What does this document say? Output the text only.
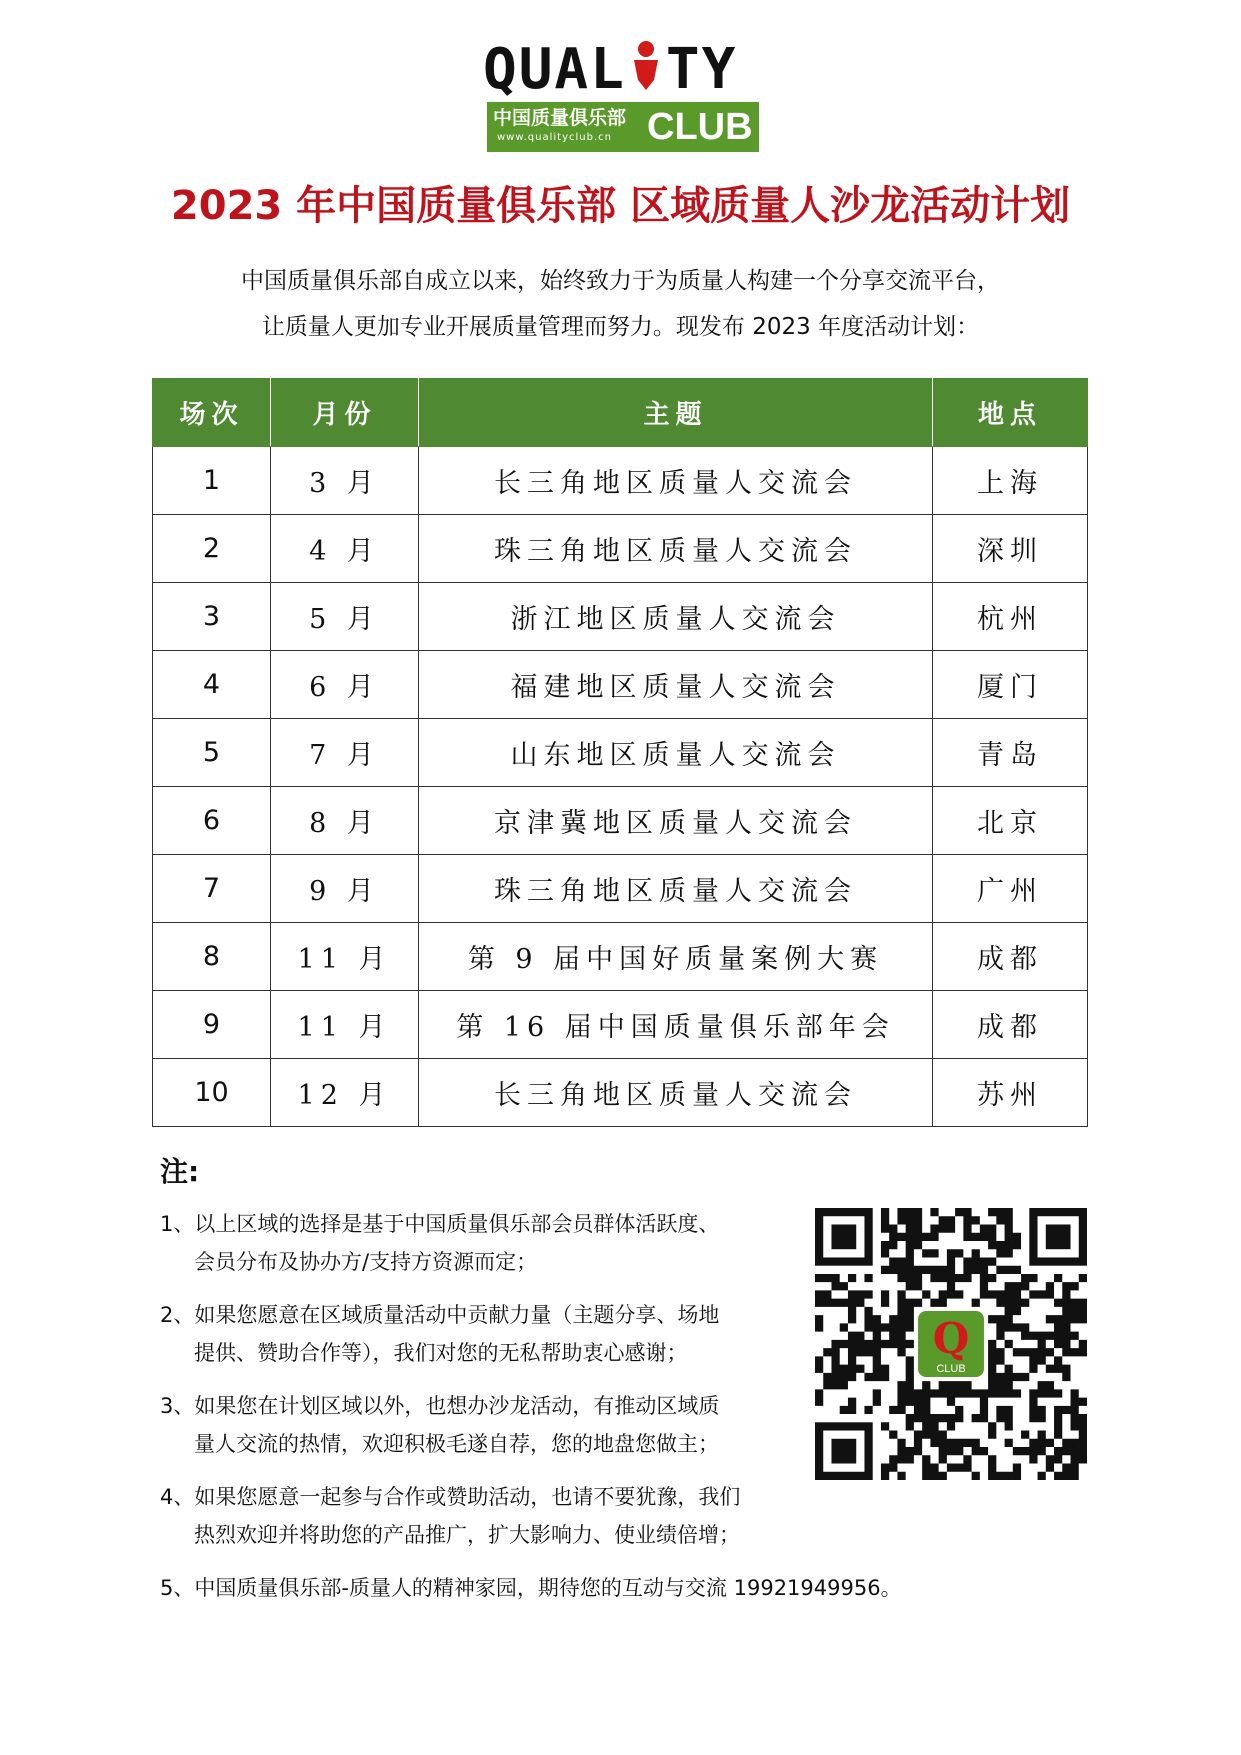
QUAL TY
中国质量俱乐部
www.qualityclub.cn CLUB
2023 年中国质量俱乐部 区域质量人沙龙活动计划
中国质量俱乐部自成立以来，始终致力于为质量人构建一个分享交流平台，
让质量人更加专业开展质量管理而努力。现发布 2023 年度活动计划：
场次	月份	主题	地点
1	3 月	长三角地区质量人交流会	上海
2	4 月	珠三角地区质量人交流会	深圳
3	5 月	浙江地区质量人交流会	杭州
4	6 月	福建地区质量人交流会	厦门
5	7 月	山东地区质量人交流会	青岛
6	8 月	京津冀地区质量人交流会	北京
7	9 月	珠三角地区质量人交流会	广州
8	11 月	第 9 届中国好质量案例大赛	成都
9	11 月	第 16 届中国质量俱乐部年会	成都
10	12 月	长三角地区质量人交流会	苏州
注:
1、以上区域的选择是基于中国质量俱乐部会员群体活跃度、
会员分布及协办方/支持方资源而定；
2、如果您愿意在区域质量活动中贡献力量（主题分享、场地
提供、赞助合作等），我们对您的无私帮助衷心感谢；
3、如果您在计划区域以外，也想办沙龙活动，有推动区域质
量人交流的热情，欢迎积极毛遂自荐，您的地盘您做主；
4、如果您愿意一起参与合作或赞助活动，也请不要犹豫，我们
热烈欢迎并将助您的产品推广，扩大影响力、使业绩倍增；
5、中国质量俱乐部-质量人的精神家园，期待您的互动与交流 19921949956。
Q
CLUB
